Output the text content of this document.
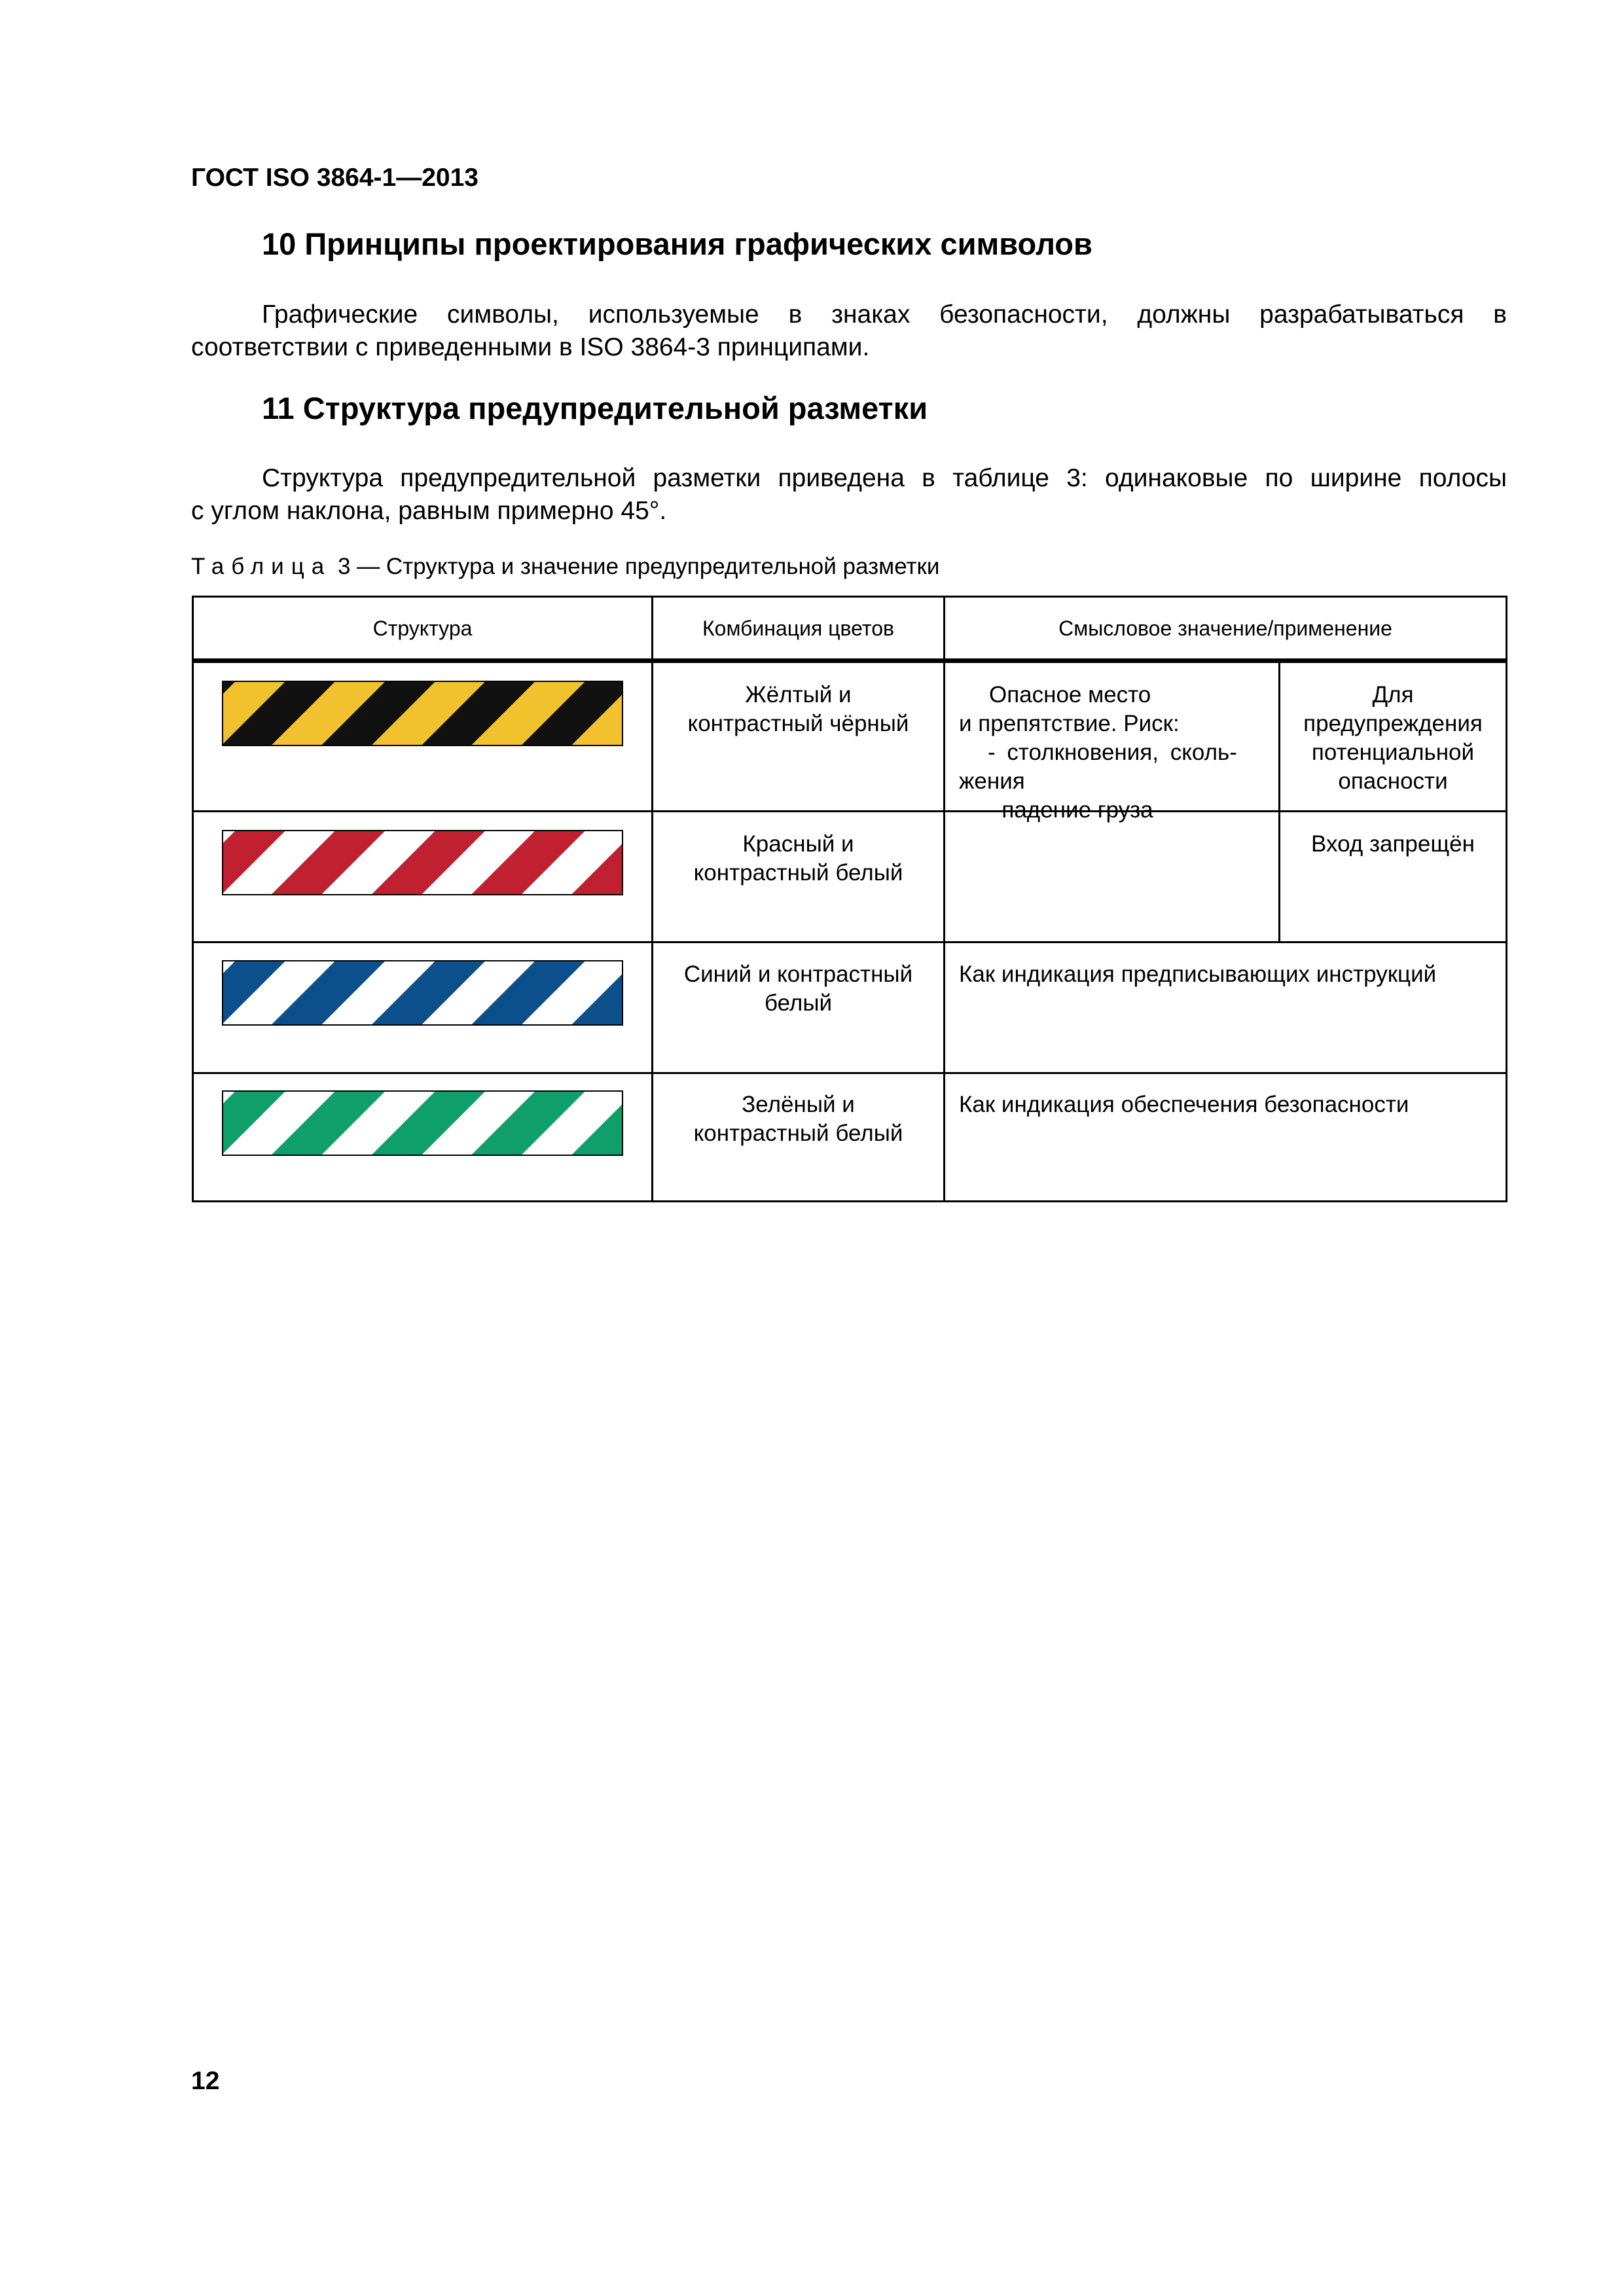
ГОСТ ISO 3864-1—2013
10 Принципы проектирования графических символов
Графические символы, используемые в знаках безопасности, должны разрабатываться в
соответствии с приведенными в ISO 3864-3 принципами.
11 Структура предупредительной разметки
Структура предупредительной разметки приведена в таблице 3: одинаковые по ширине полосы
с углом наклона, равным примерно 45°.
Таблица 3 — Структура и значение предупредительной разметки
Структура	Комбинация цветов	Смысловое значение/применение
Жёлтый и
контрастный чёрный
Красный и
контрастный белый
Синий и контрастный
белый
Зелёный и
контрастный белый
Опасное место
и препятствие. Риск:
- столкновения, сколь-
жения
- падение груза
Для
предупреждения
потенциальной
опасности
Вход запрещён
Как индикация предписывающих инструкций
Как индикация обеспечения безопасности
12
